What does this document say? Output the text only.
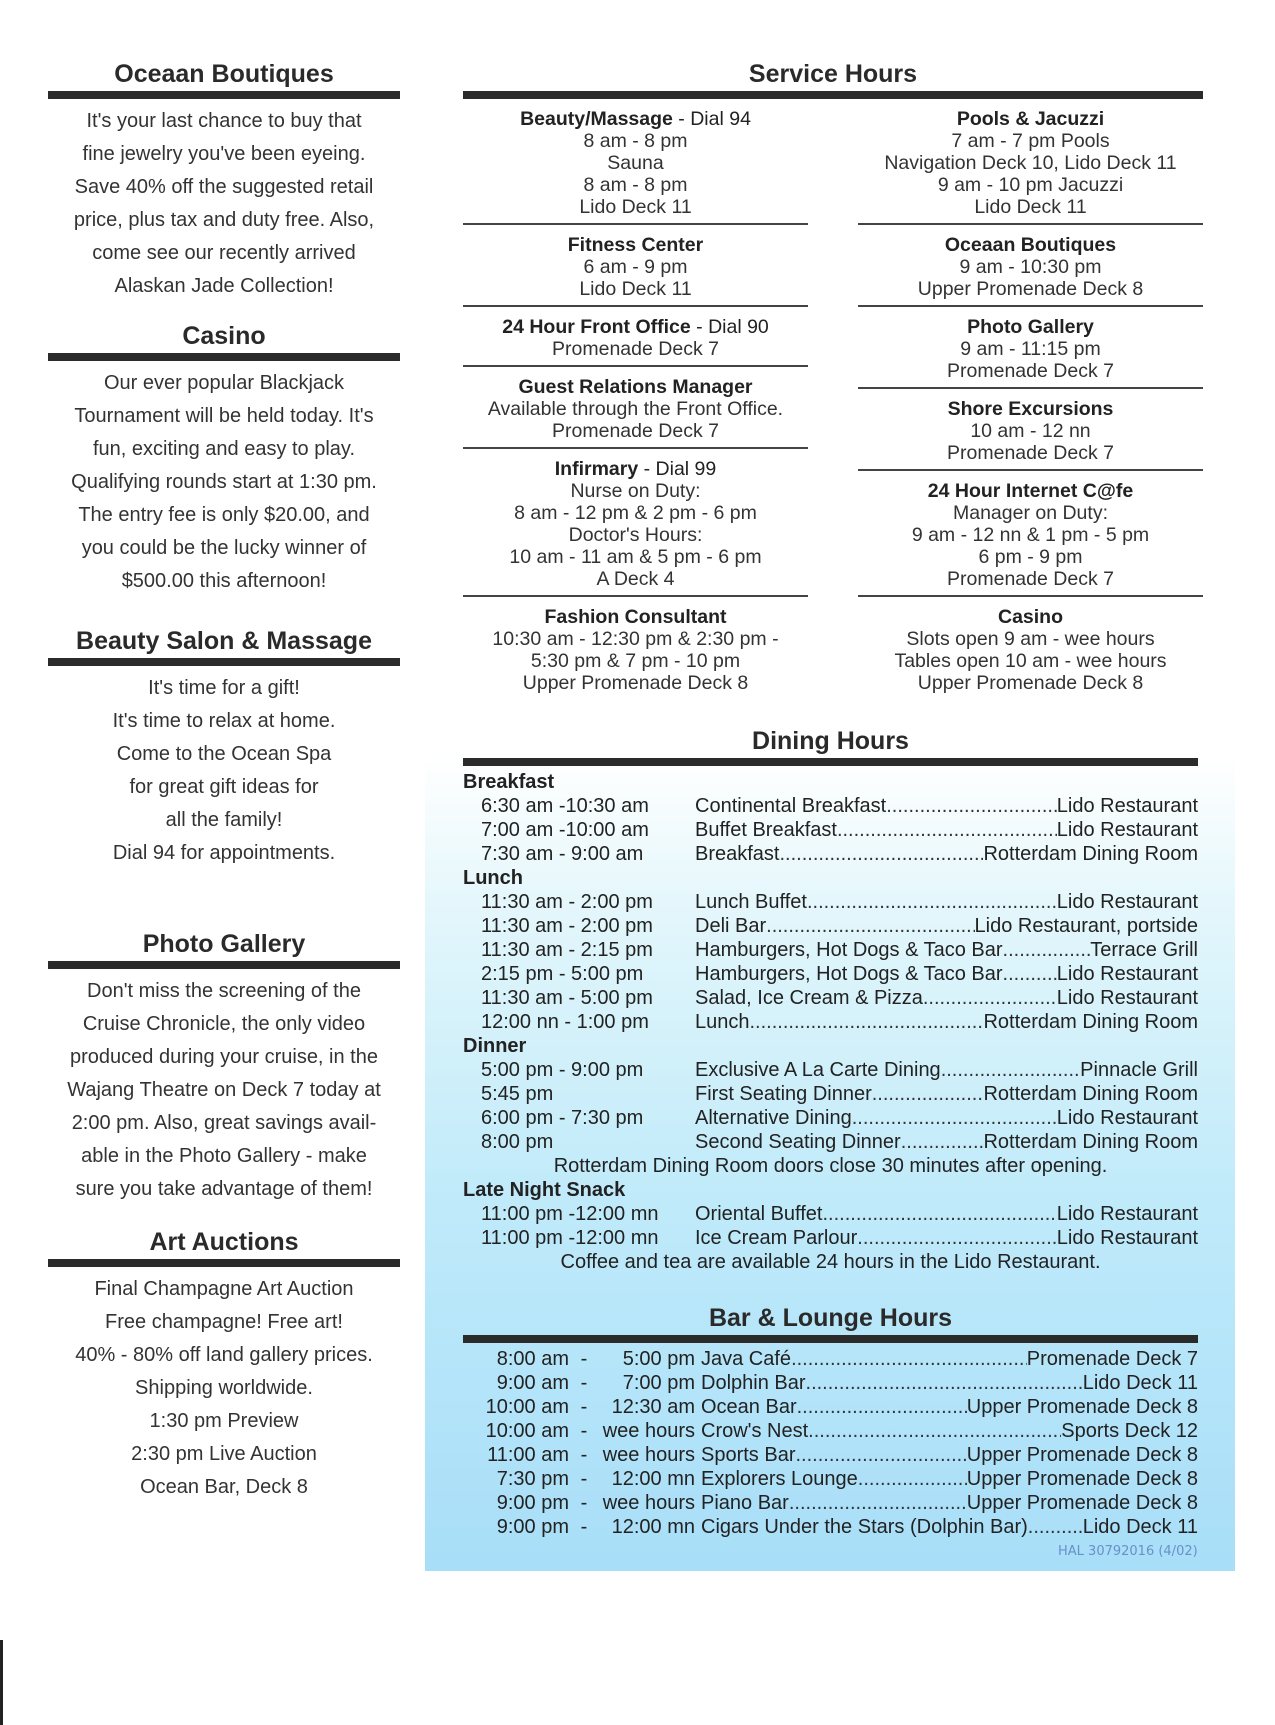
Oceaan Boutiques
It's your last chance to buy that
fine jewelry you've been eyeing.
Save 40% off the suggested retail
price, plus tax and duty free. Also,
come see our recently arrived
Alaskan Jade Collection!
Casino
Our ever popular Blackjack
Tournament will be held today. It's
fun, exciting and easy to play.
Qualifying rounds start at 1:30 pm.
The entry fee is only $20.00, and
you could be the lucky winner of
$500.00 this afternoon!
Beauty Salon & Massage
It's time for a gift!
It's time to relax at home.
Come to the Ocean Spa
for great gift ideas for
all the family!
Dial 94 for appointments.
Photo Gallery
Don't miss the screening of the
Cruise Chronicle, the only video
produced during your cruise, in the
Wajang Theatre on Deck 7 today at
2:00 pm. Also, great savings avail-
able in the Photo Gallery - make
sure you take advantage of them!
Art Auctions
Final Champagne Art Auction
Free champagne! Free art!
40% - 80% off land gallery prices.
Shipping worldwide.
1:30 pm Preview
2:30 pm Live Auction
Ocean Bar, Deck 8
Service Hours
Beauty/Massage - Dial 94
8 am - 8 pm
Sauna
8 am - 8 pm
Lido Deck 11
Fitness Center
6 am - 9 pm
Lido Deck 11
24 Hour Front Office - Dial 90
Promenade Deck 7
Guest Relations Manager
Available through the Front Office.
Promenade Deck 7
Infirmary - Dial 99
Nurse on Duty:
8 am - 12 pm & 2 pm - 6 pm
Doctor's Hours:
10 am - 11 am & 5 pm - 6 pm
A Deck 4
Fashion Consultant
10:30 am - 12:30 pm & 2:30 pm -
5:30 pm & 7 pm - 10 pm
Upper Promenade Deck 8
Pools & Jacuzzi
7 am - 7 pm Pools
Navigation Deck 10, Lido Deck 11
9 am - 10 pm Jacuzzi
Lido Deck 11
Oceaan Boutiques
9 am - 10:30 pm
Upper Promenade Deck 8
Photo Gallery
9 am - 11:15 pm
Promenade Deck 7
Shore Excursions
10 am - 12 nn
Promenade Deck 7
24 Hour Internet C@fe
Manager on Duty:
9 am - 12 nn & 1 pm - 5 pm
6 pm - 9 pm
Promenade Deck 7
Casino
Slots open 9 am - wee hours
Tables open 10 am - wee hours
Upper Promenade Deck 8
Dining Hours
Breakfast
6:30 am -10:30 am	Continental Breakfast .....	Lido Restaurant
7:00 am -10:00 am	Buffet Breakfast .....	Lido Restaurant
7:30 am - 9:00 am	Breakfast .....	Rotterdam Dining Room
Lunch
11:30 am - 2:00 pm	Lunch Buffet .....	Lido Restaurant
11:30 am - 2:00 pm	Deli Bar .....	Lido Restaurant, portside
11:30 am - 2:15 pm	Hamburgers, Hot Dogs & Taco Bar .....	Terrace Grill
2:15 pm - 5:00 pm	Hamburgers, Hot Dogs & Taco Bar .....	Lido Restaurant
11:30 am - 5:00 pm	Salad, Ice Cream & Pizza .....	Lido Restaurant
12:00 nn - 1:00 pm	Lunch .....	Rotterdam Dining Room
Dinner
5:00 pm - 9:00 pm	Exclusive A La Carte Dining .....	Pinnacle Grill
5:45 pm	First Seating Dinner .....	Rotterdam Dining Room
6:00 pm - 7:30 pm	Alternative Dining .....	Lido Restaurant
8:00 pm	Second Seating Dinner .....	Rotterdam Dining Room
Rotterdam Dining Room doors close 30 minutes after opening.
Late Night Snack
11:00 pm -12:00 mn	Oriental Buffet .....	Lido Restaurant
11:00 pm -12:00 mn	Ice Cream Parlour .....	Lido Restaurant
Coffee and tea are available 24 hours in the Lido Restaurant.
Bar & Lounge Hours
8:00 am -	5:00 pm Java Café .....	Promenade Deck 7
9:00 am -	7:00 pm Dolphin Bar .....	Lido Deck 11
10:00 am -	12:30 am Ocean Bar .....	Upper Promenade Deck 8
10:00 am - wee hours Crow's Nest .....	Sports Deck 12
11:00 am - wee hours Sports Bar .....	Upper Promenade Deck 8
7:30 pm -	12:00 mn Explorers Lounge .....	Upper Promenade Deck 8
9:00 pm - wee hours Piano Bar .....	Upper Promenade Deck 8
9:00 pm -	12:00 mn Cigars Under the Stars (Dolphin Bar) .....	Lido Deck 11
HAL 30792016 (4/02)
